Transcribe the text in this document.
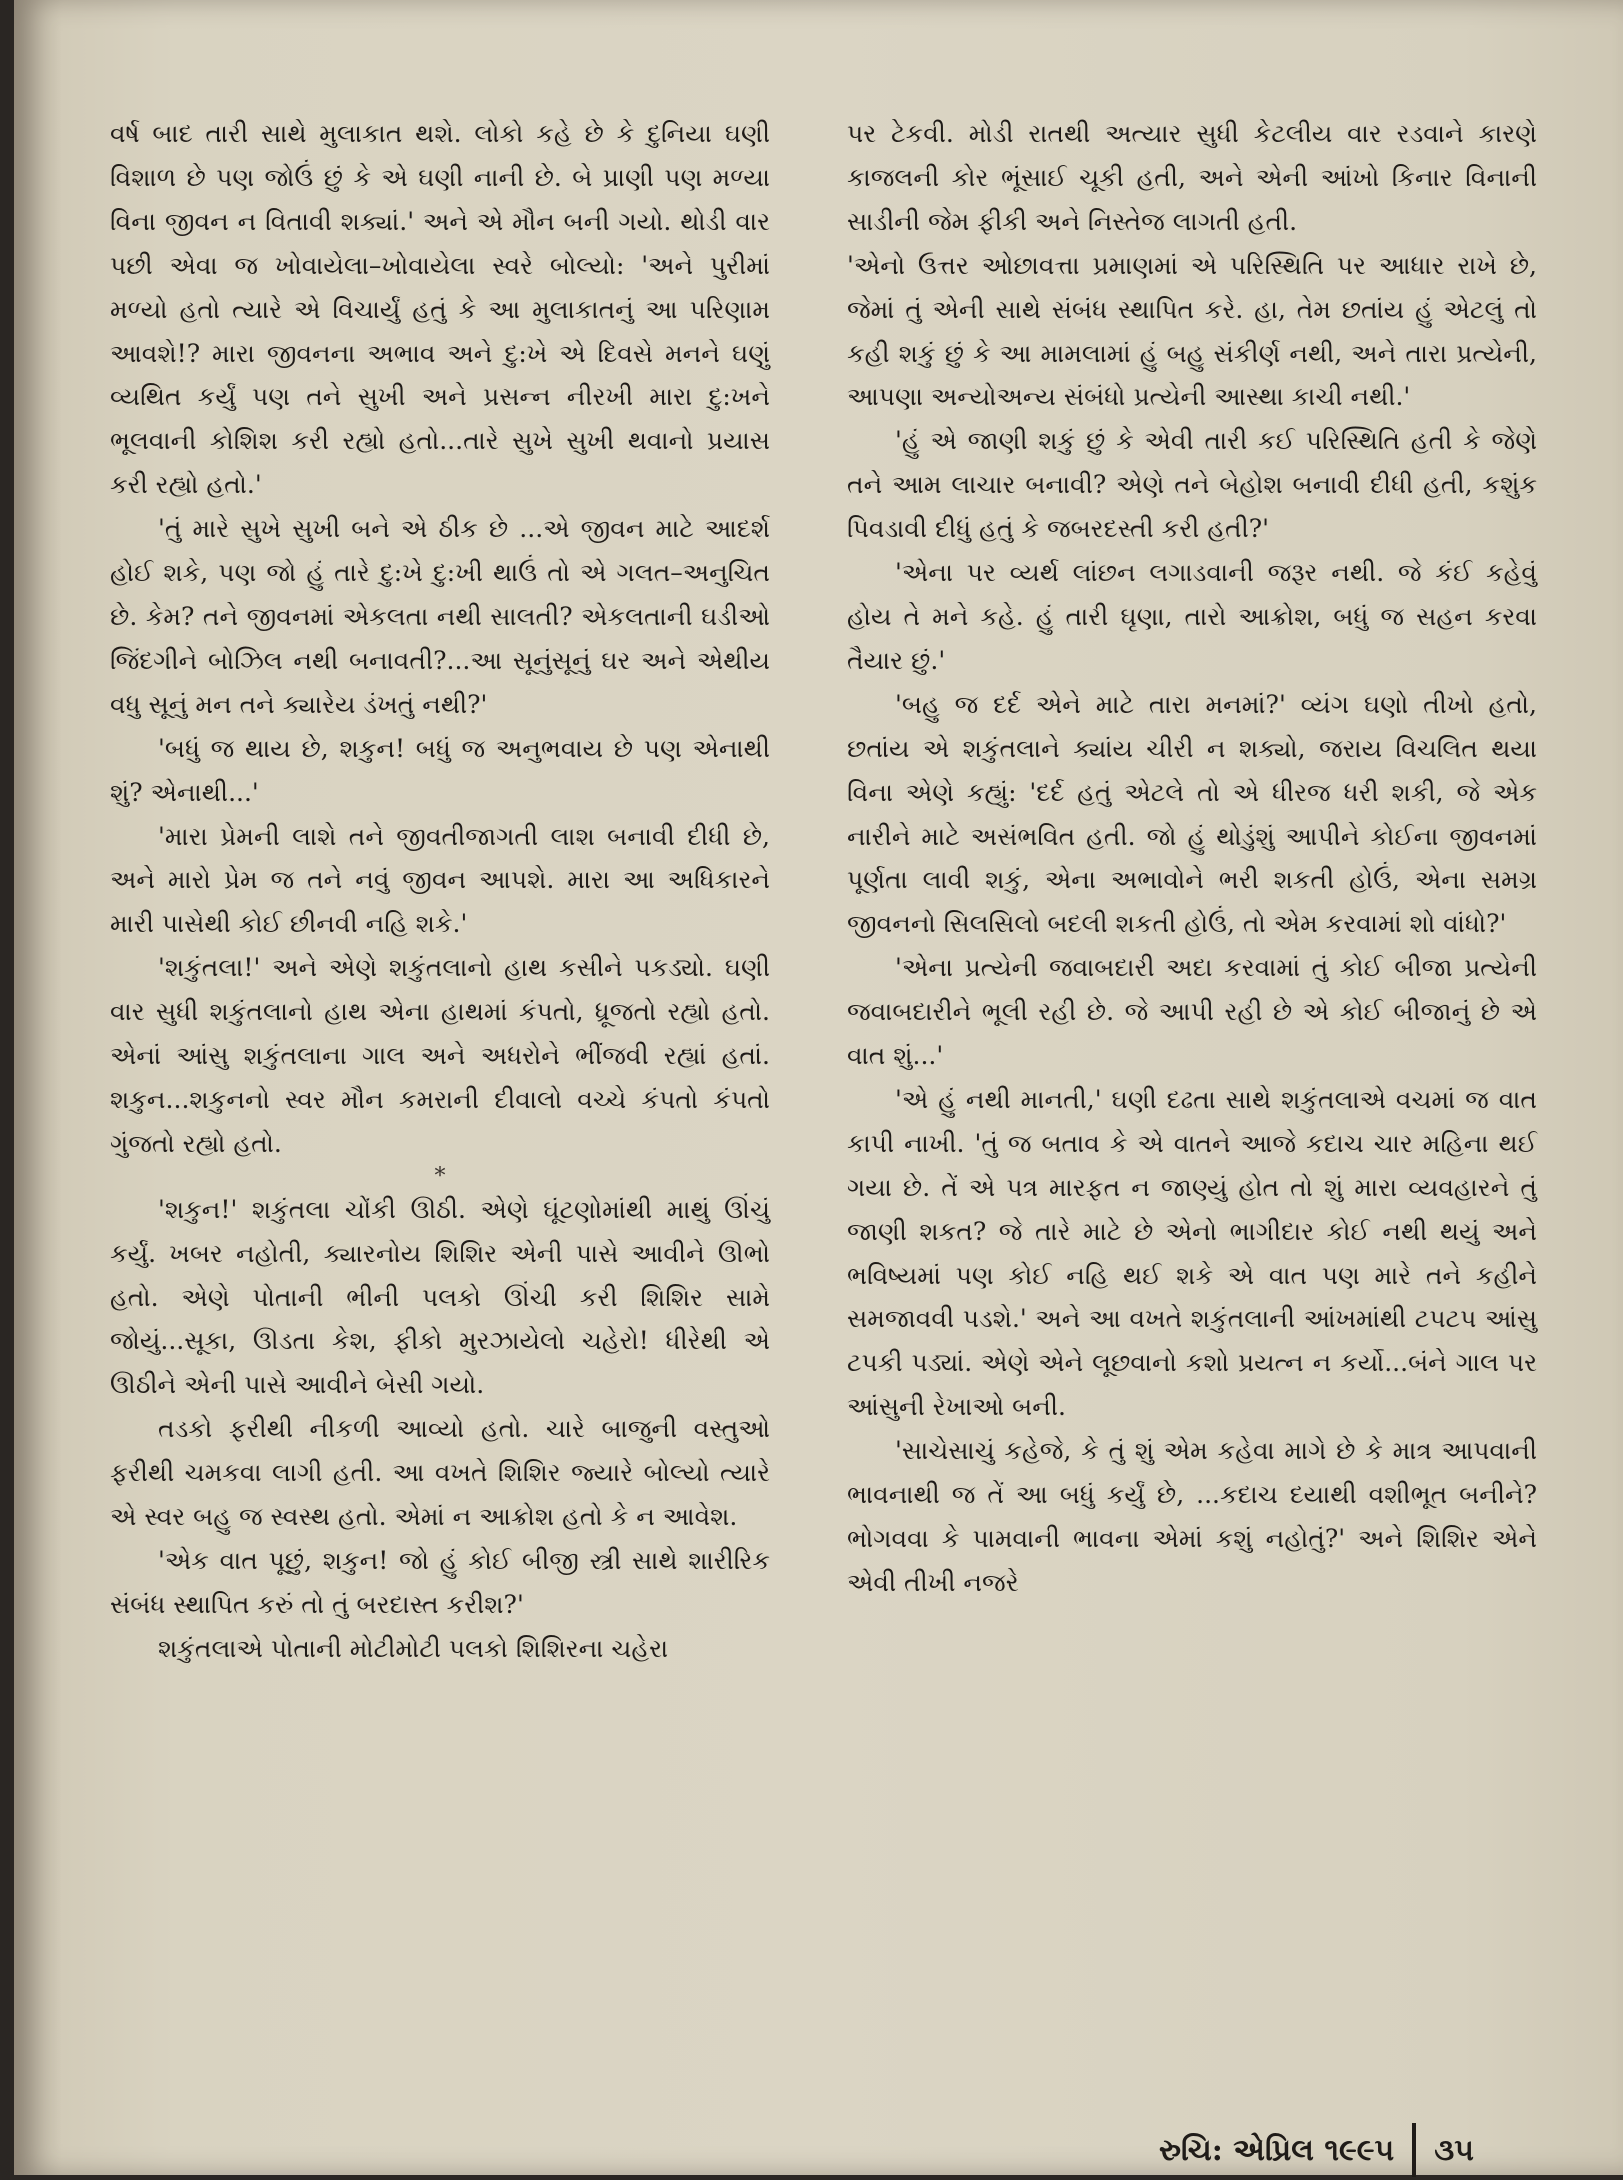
વર્ષ બાદ તારી સાથે મુલાકાત થશે. લોકો કહે છે કે દુનિયા ઘણી વિશાળ છે પણ જોઉં છું કે એ ઘણી નાની છે. બે પ્રાણી પણ મળ્યા વિના જીવન ન વિતાવી શક્યાં.' અને એ મૌન બની ગયો. થોડી વાર પછી એવા જ ખોવાયેલા–ખોવાયેલા સ્વરે બોલ્યો: 'અને પુરીમાં મળ્યો હતો ત્યારે એ વિચાર્યું હતું કે આ મુલાકાતનું આ પરિણામ આવશે!? મારા જીવનના અભાવ અને દુ:ખે એ દિવસે મનને ઘણું વ્યથિત કર્યું પણ તને સુખી અને પ્રસન્ન નીરખી મારા દુ:ખને ભૂલવાની કોશિશ કરી રહ્યો હતો...તારે સુખે સુખી થવાનો પ્રયાસ કરી રહ્યો હતો.'

'તું મારે સુખે સુખી બને એ ઠીક છે ...એ જીવન માટે આદર્શ હોઈ શકે, પણ જો હું તારે દુ:ખે દુ:ખી થાઉં તો એ ગલત–અનુચિત છે. કેમ? તને જીવનમાં એકલતા નથી સાલતી? એકલતાની ઘડીઓ જિંદગીને બોઝિલ નથી બનાવતી?...આ સૂનુંસૂનું ઘર અને એથીય વધુ સૂનું મન તને ક્યારેય ડંખતું નથી?'

'બધું જ થાય છે, શકુન! બધું જ અનુભવાય છે પણ એનાથી શું? એનાથી...'

'મારા પ્રેમની લાશે તને જીવતીજાગતી લાશ બનાવી દીધી છે, અને મારો પ્રેમ જ તને નવું જીવન આપશે. મારા આ અધિકારને મારી પાસેથી કોઈ છીનવી નહિ શકે.'

'શકુંતલા!' અને એણે શકુંતલાનો હાથ કસીને પકડ્યો. ઘણી વાર સુધી શકુંતલાનો હાથ એના હાથમાં કંપતો, ધ્રૂજતો રહ્યો હતો. એનાં આંસુ શકુંતલાના ગાલ અને અધરોને ભીંજવી રહ્યાં હતાં. શકુન...શકુનનો સ્વર મૌન કમરાની દીવાલો વચ્ચે કંપતો કંપતો ગુંજતો રહ્યો હતો.

*

'શકુન!' શકુંતલા ચોંકી ઊઠી. એણે ઘૂંટણોમાંથી માથું ઊંચું કર્યું. ખબર નહોતી, ક્યારનોય શિશિર એની પાસે આવીને ઊભો હતો. એણે પોતાની ભીની પલકો ઊંચી કરી શિશિર સામે જોયું...સૂકા, ઊડતા કેશ, ફીકો મુરઝાયેલો ચહેરો! ધીરેથી એ ઊઠીને એની પાસે આવીને બેસી ગયો.

તડકો ફરીથી નીકળી આવ્યો હતો. ચારે બાજુની વસ્તુઓ ફરીથી ચમકવા લાગી હતી. આ વખતે શિશિર જ્યારે બોલ્યો ત્યારે એ સ્વર બહુ જ સ્વસ્થ હતો. એમાં ન આક્રોશ હતો કે ન આવેશ.

'એક વાત પૂછું, શકુન! જો હું કોઈ બીજી સ્ત્રી સાથે શારીરિક સંબંધ સ્થાપિત કરું તો તું બરદાસ્ત કરીશ?'

શકુંતલાએ પોતાની મોટીમોટી પલકો શિશિરના ચહેરા

પર ટેકવી. મોડી રાતથી અત્યાર સુધી કેટલીય વાર રડવાને કારણે કાજલની કોર ભૂંસાઈ ચૂકી હતી, અને એની આંખો કિનાર વિનાની સાડીની જેમ ફીકી અને નિસ્તેજ લાગતી હતી.

'એનો ઉત્તર ઓછાવત્તા પ્રમાણમાં એ પરિસ્થિતિ પર આધાર રાખે છે, જેમાં તું એની સાથે સંબંધ સ્થાપિત કરે. હા, તેમ છતાંય હું એટલું તો કહી શકું છું કે આ મામલામાં હું બહુ સંકીર્ણ નથી, અને તારા પ્રત્યેની, આપણા અન્યોઅન્ય સંબંધો પ્રત્યેની આસ્થા કાચી નથી.'

'હું એ જાણી શકું છું કે એવી તારી કઈ પરિસ્થિતિ હતી કે જેણે તને આમ લાચાર બનાવી? એણે તને બેહોશ બનાવી દીધી હતી, કશુંક પિવડાવી દીધું હતું કે જબરદસ્તી કરી હતી?'

'એના પર વ્યર્થ લાંછન લગાડવાની જરૂર નથી. જે કંઈ કહેવું હોય તે મને કહે. હું તારી ઘૃણા, તારો આક્રોશ, બધું જ સહન કરવા તૈયાર છું.'

'બહુ જ દર્દ એને માટે તારા મનમાં?' વ્યંગ ઘણો તીખો હતો, છતાંય એ શકુંતલાને ક્યાંય ચીરી ન શક્યો, જરાય વિચલિત થયા વિના એણે કહ્યું: 'દર્દ હતું એટલે તો એ ધીરજ ધરી શકી, જે એક નારીને માટે અસંભવિત હતી. જો હું થોડુંશું આપીને કોઈના જીવનમાં પૂર્ણતા લાવી શકું, એના અભાવોને ભરી શકતી હોઉં, એના સમગ્ર જીવનનો સિલસિલો બદલી શકતી હોઉં, તો એમ કરવામાં શો વાંધો?'

'એના પ્રત્યેની જવાબદારી અદા કરવામાં તું કોઈ બીજા પ્રત્યેની જવાબદારીને ભૂલી રહી છે. જે આપી રહી છે એ કોઈ બીજાનું છે એ વાત શું...'

'એ હું નથી માનતી,' ઘણી દઢતા સાથે શકુંતલાએ વચમાં જ વાત કાપી નાખી. 'તું જ બતાવ કે એ વાતને આજે કદાચ ચાર મહિના થઈ ગયા છે. તેં એ પત્ર મારફત ન જાણ્યું હોત તો શું મારા વ્યવહારને તું જાણી શકત? જે તારે માટે છે એનો ભાગીદાર કોઈ નથી થયું અને ભવિષ્યમાં પણ કોઈ નહિ થઈ શકે એ વાત પણ મારે તને કહીને સમજાવવી પડશે.' અને આ વખતે શકુંતલાની આંખમાંથી ટપટપ આંસુ ટપકી પડ્યાં. એણે એને લૂછવાનો કશો પ્રયત્ન ન કર્યો...બંને ગાલ પર આંસુની રેખાઓ બની.

'સાચેસાચું કહેજે, કે તું શું એમ કહેવા માગે છે કે માત્ર આપવાની ભાવનાથી જ તેં આ બધું કર્યું છે, ...કદાચ દયાથી વશીભૂત બનીને? ભોગવવા કે પામવાની ભાવના એમાં કશું નહોતું?' અને શિશિર એને એવી તીખી નજરે

રુચિ: એપ્રિલ ૧૯૯૫ ૩૫
